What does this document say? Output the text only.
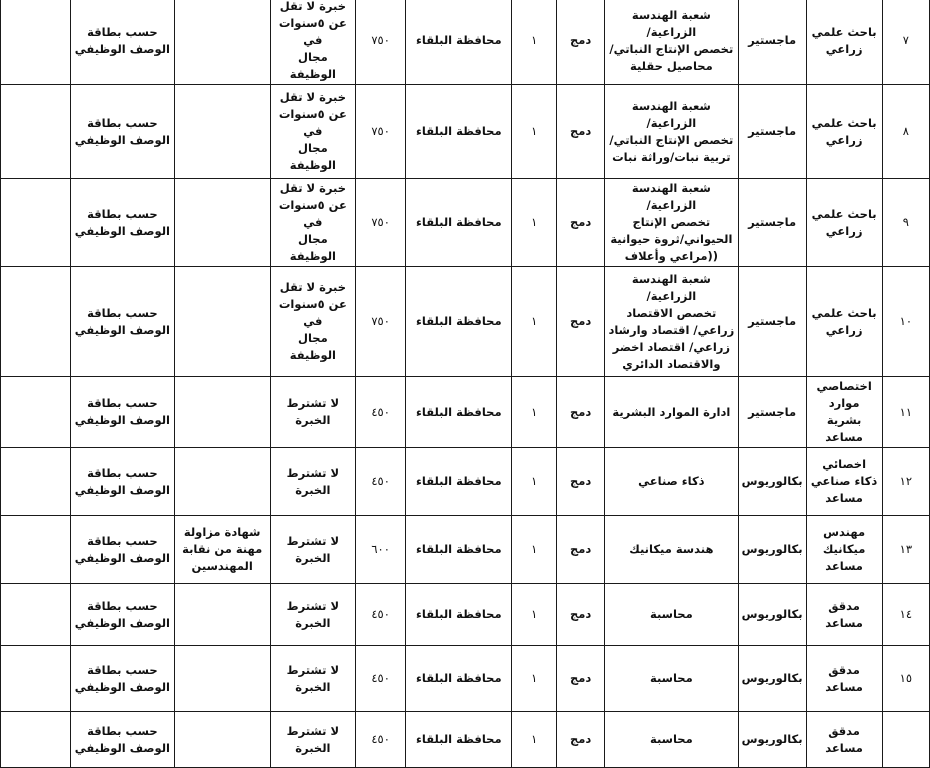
٧	باحث علمي
زراعي	ماجستير	شعبة الهندسة الزراعية/
تخصص الإنتاج النباتي/
محاصيل حقلية	دمج	١	محافظة البلقاء	٧٥٠	خبرة لا تقل
عن ٥سنوات في
مجال الوظيفة		حسب بطاقة
الوصف الوظيفي	
٨	باحث علمي
زراعي	ماجستير	شعبة الهندسة الزراعية/
تخصص الإنتاج النباتي/
تربية نبات/وراثة نبات	دمج	١	محافظة البلقاء	٧٥٠	خبرة لا تقل
عن ٥سنوات في
مجال الوظيفة		حسب بطاقة
الوصف الوظيفي	
٩	باحث علمي
زراعي	ماجستير	شعبة الهندسة الزراعية/
تخصص الإنتاج
الحيواني/ثروة حيوانية
((مراعي وأعلاف	دمج	١	محافظة البلقاء	٧٥٠	خبرة لا تقل
عن ٥سنوات في
مجال الوظيفة		حسب بطاقة
الوصف الوظيفي	
١٠	باحث علمي
زراعي	ماجستير	شعبة الهندسة الزراعية/
تخصص الاقتصاد
زراعي/ اقتصاد وارشاد
زراعي/ اقتصاد اخضر
والاقتصاد الدائري	دمج	١	محافظة البلقاء	٧٥٠	خبرة لا تقل
عن ٥سنوات في
مجال الوظيفة		حسب بطاقة
الوصف الوظيفي	
١١	اختصاصي
موارد بشرية
مساعد	ماجستير	ادارة الموارد البشرية	دمج	١	محافظة البلقاء	٤٥٠	لا تشترط
الخبرة		حسب بطاقة
الوصف الوظيفي	
١٢	اخصائي
ذكاء صناعي
مساعد	بكالوريوس	ذكاء صناعي	دمج	١	محافظة البلقاء	٤٥٠	لا تشترط
الخبرة		حسب بطاقة
الوصف الوظيفي	
١٣	مهندس
ميكانيك
مساعد	بكالوريوس	هندسة ميكانيك	دمج	١	محافظة البلقاء	٦٠٠	لا تشترط
الخبرة	شهادة مزاولة
مهنة من نقابة
المهندسين	حسب بطاقة
الوصف الوظيفي	
١٤	مدقق مساعد	بكالوريوس	محاسبة	دمج	١	محافظة البلقاء	٤٥٠	لا تشترط
الخبرة		حسب بطاقة
الوصف الوظيفي	
١٥	مدقق مساعد	بكالوريوس	محاسبة	دمج	١	محافظة البلقاء	٤٥٠	لا تشترط
الخبرة		حسب بطاقة
الوصف الوظيفي	
	مدقق مساعد	بكالوريوس	محاسبة	دمج	١	محافظة البلقاء	٤٥٠	لا تشترط
الخبرة		حسب بطاقة
الوصف الوظيفي	
